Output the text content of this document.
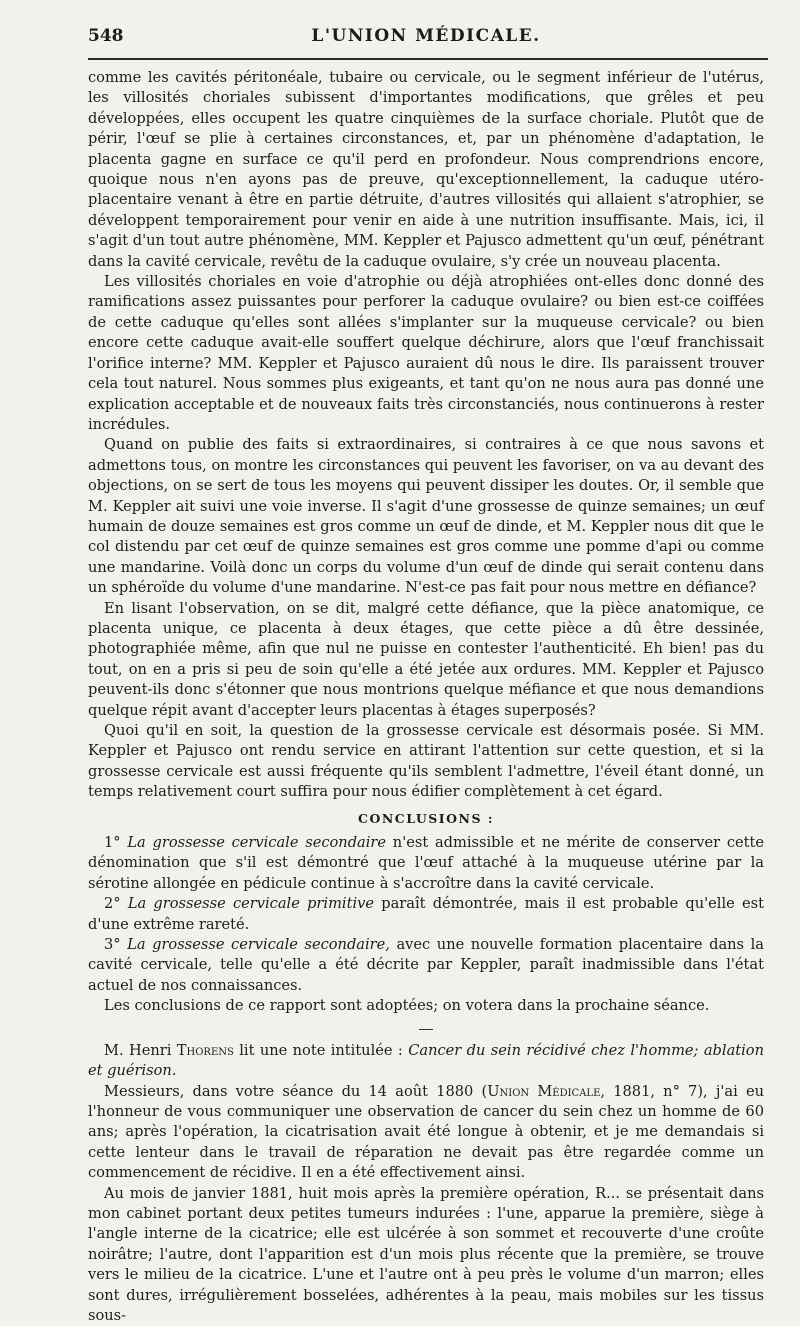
548	L'UNION MÉDICALE.

comme les cavités péritonéale, tubaire ou cervicale, ou le segment inférieur de l'utérus, les villosités choriales subissent d'importantes modifications, que grêles et peu développées, elles occupent les quatre cinquièmes de la surface choriale. Plutôt que de périr, l'œuf se plie à certaines circonstances, et, par un phénomène d'adaptation, le placenta gagne en surface ce qu'il perd en profondeur. Nous comprendrions encore, quoique nous n'en ayons pas de preuve, qu'exceptionnellement, la caduque utéro-placentaire venant à être en partie détruite, d'autres villosités qui allaient s'atrophier, se développent temporairement pour venir en aide à une nutrition insuffisante. Mais, ici, il s'agit d'un tout autre phénomène, MM. Keppler et Pajusco admettent qu'un œuf, pénétrant dans la cavité cervicale, revêtu de la caduque ovulaire, s'y crée un nouveau placenta.

Les villosités choriales en voie d'atrophie ou déjà atrophiées ont-elles donc donné des ramifications assez puissantes pour perforer la caduque ovulaire? ou bien est-ce coiffées de cette caduque qu'elles sont allées s'implanter sur la muqueuse cervicale? ou bien encore cette caduque avait-elle souffert quelque déchirure, alors que l'œuf franchissait l'orifice interne? MM. Keppler et Pajusco auraient dû nous le dire. Ils paraissent trouver cela tout naturel. Nous sommes plus exigeants, et tant qu'on ne nous aura pas donné une explication acceptable et de nouveaux faits très circonstanciés, nous continuerons à rester incrédules.

Quand on publie des faits si extraordinaires, si contraires à ce que nous savons et admettons tous, on montre les circonstances qui peuvent les favoriser, on va au devant des objections, on se sert de tous les moyens qui peuvent dissiper les doutes. Or, il semble que M. Keppler ait suivi une voie inverse. Il s'agit d'une grossesse de quinze semaines; un œuf humain de douze semaines est gros comme un œuf de dinde, et M. Keppler nous dit que le col distendu par cet œuf de quinze semaines est gros comme une pomme d'api ou comme une mandarine. Voilà donc un corps du volume d'un œuf de dinde qui serait contenu dans un sphéroïde du volume d'une mandarine. N'est-ce pas fait pour nous mettre en défiance?

En lisant l'observation, on se dit, malgré cette défiance, que la pièce anatomique, ce placenta unique, ce placenta à deux étages, que cette pièce a dû être dessinée, photographiée même, afin que nul ne puisse en contester l'authenticité. Eh bien! pas du tout, on en a pris si peu de soin qu'elle a été jetée aux ordures. MM. Keppler et Pajusco peuvent-ils donc s'étonner que nous montrions quelque méfiance et que nous demandions quelque répit avant d'accepter leurs placentas à étages superposés?

Quoi qu'il en soit, la question de la grossesse cervicale est désormais posée. Si MM. Keppler et Pajusco ont rendu service en attirant l'attention sur cette question, et si la grossesse cervicale est aussi fréquente qu'ils semblent l'admettre, l'éveil étant donné, un temps relativement court suffira pour nous édifier complètement à cet égard.

CONCLUSIONS :

1° La grossesse cervicale secondaire n'est admissible et ne mérite de conserver cette dénomination que s'il est démontré que l'œuf attaché à la muqueuse utérine par la sérotine allongée en pédicule continue à s'accroître dans la cavité cervicale.

2° La grossesse cervicale primitive paraît démontrée, mais il est probable qu'elle est d'une extrême rareté.

3° La grossesse cervicale secondaire, avec une nouvelle formation placentaire dans la cavité cervicale, telle qu'elle a été décrite par Keppler, paraît inadmissible dans l'état actuel de nos connaissances.

Les conclusions de ce rapport sont adoptées; on votera dans la prochaine séance.

M. Henri Thorens lit une note intitulée : Cancer du sein récidivé chez l'homme; ablation et guérison.

Messieurs, dans votre séance du 14 août 1880 (Union Médicale, 1881, n° 7), j'ai eu l'honneur de vous communiquer une observation de cancer du sein chez un homme de 60 ans; après l'opération, la cicatrisation avait été longue à obtenir, et je me demandais si cette lenteur dans le travail de réparation ne devait pas être regardée comme un commencement de récidive. Il en a été effectivement ainsi.

Au mois de janvier 1881, huit mois après la première opération, R... se présentait dans mon cabinet portant deux petites tumeurs indurées : l'une, apparue la première, siège à l'angle interne de la cicatrice; elle est ulcérée à son sommet et recouverte d'une croûte noirâtre; l'autre, dont l'apparition est d'un mois plus récente que la première, se trouve vers le milieu de la cicatrice. L'une et l'autre ont à peu près le volume d'un marron; elles sont dures, irrégulièrement bosselées, adhérentes à la peau, mais mobiles sur les tissus sous-
